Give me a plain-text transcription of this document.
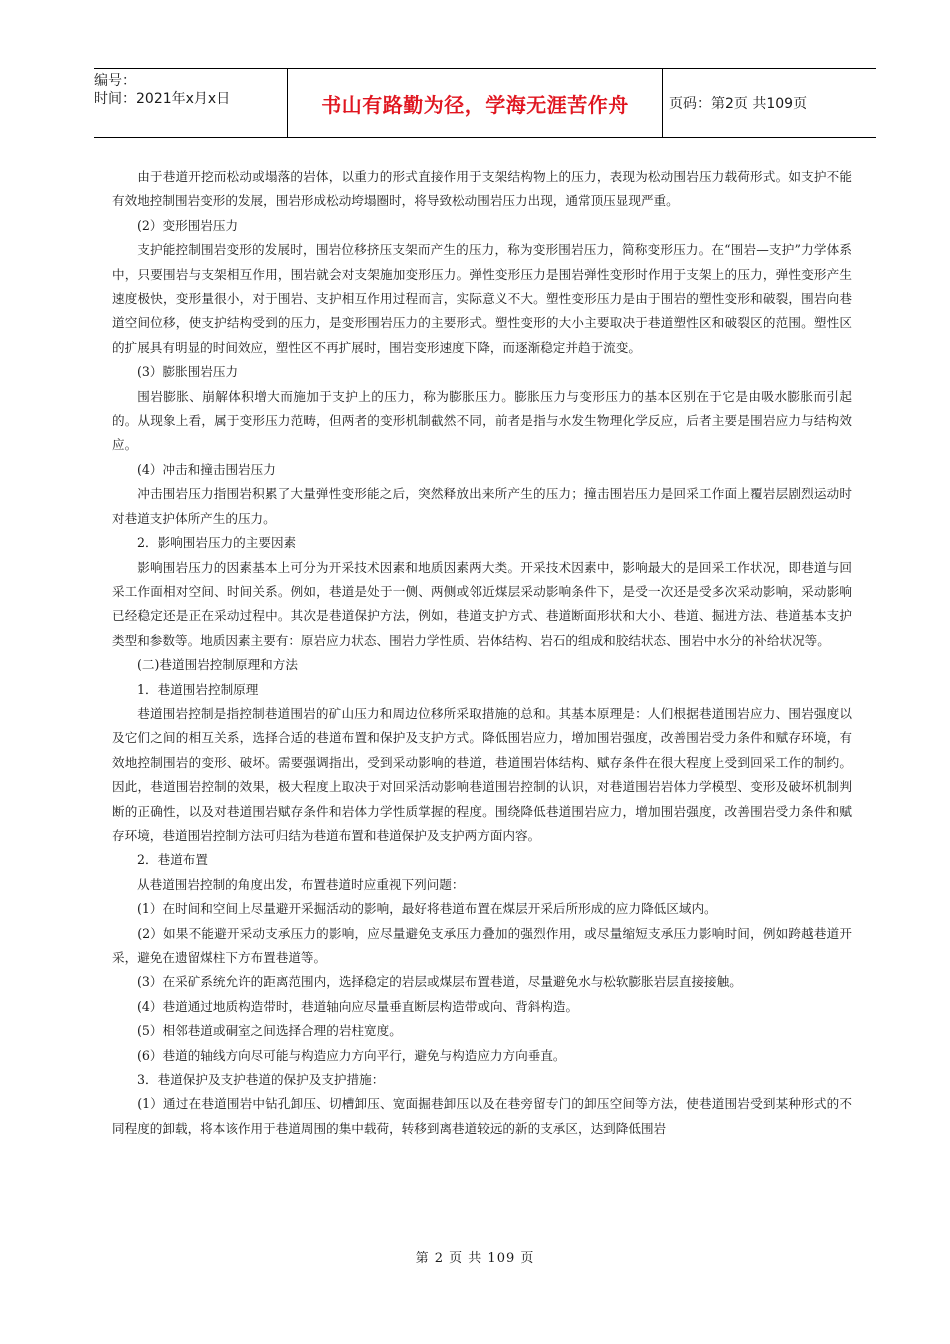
编号：
时间：2021年x月x日	书山有路勤为径，学海无涯苦作舟	页码：第2页 共109页

由于巷道开挖而松动或塌落的岩体，以重力的形式直接作用于支架结构物上的压力，表现为松动围岩压力载荷形式。如支护不能有效地控制围岩变形的发展，围岩形成松动垮塌圈时，将导致松动围岩压力出现，通常顶压显现严重。

(2）变形围岩压力

支护能控制围岩变形的发展时，围岩位移挤压支架而产生的压力，称为变形围岩压力，简称变形压力。在“围岩—支护”力学体系中，只要围岩与支架相互作用，围岩就会对支架施加变形压力。弹性变形压力是围岩弹性变形时作用于支架上的压力，弹性变形产生速度极快，变形量很小，对于围岩、支护相互作用过程而言，实际意义不大。塑性变形压力是由于围岩的塑性变形和破裂，围岩向巷道空间位移，使支护结构受到的压力，是变形围岩压力的主要形式。塑性变形的大小主要取决于巷道塑性区和破裂区的范围。塑性区的扩展具有明显的时间效应，塑性区不再扩展时，围岩变形速度下降，而逐渐稳定并趋于流变。

(3）膨胀围岩压力

围岩膨胀、崩解体积增大而施加于支护上的压力，称为膨胀压力。膨胀压力与变形压力的基本区别在于它是由吸水膨胀而引起的。从现象上看，属于变形压力范畴，但两者的变形机制截然不同，前者是指与水发生物理化学反应，后者主要是围岩应力与结构效应。

(4）冲击和撞击围岩压力

冲击围岩压力指围岩积累了大量弹性变形能之后，突然释放出来所产生的压力；撞击围岩压力是回采工作面上覆岩层剧烈运动时对巷道支护体所产生的压力。

2．影响围岩压力的主要因素

影响围岩压力的因素基本上可分为开采技术因素和地质因素两大类。开采技术因素中，影响最大的是回采工作状况，即巷道与回采工作面相对空间、时间关系。例如，巷道是处于一侧、两侧或邻近煤层采动影响条件下，是受一次还是受多次采动影响，采动影响已经稳定还是正在采动过程中。其次是巷道保护方法，例如，巷道支护方式、巷道断面形状和大小、巷道、掘进方法、巷道基本支护类型和参数等。地质因素主要有：原岩应力状态、围岩力学性质、岩体结构、岩石的组成和胶结状态、围岩中水分的补给状况等。

(二)巷道围岩控制原理和方法

1．巷道围岩控制原理

巷道围岩控制是指控制巷道围岩的矿山压力和周边位移所采取措施的总和。其基本原理是：人们根据巷道围岩应力、围岩强度以及它们之间的相互关系，选择合适的巷道布置和保护及支护方式。降低围岩应力，增加围岩强度，改善围岩受力条件和赋存环境，有效地控制围岩的变形、破坏。需要强调指出，受到采动影响的巷道，巷道围岩体结构、赋存条件在很大程度上受到回采工作的制约。因此，巷道围岩控制的效果，极大程度上取决于对回采活动影响巷道围岩控制的认识，对巷道围岩岩体力学模型、变形及破坏机制判断的正确性，以及对巷道围岩赋存条件和岩体力学性质掌握的程度。围绕降低巷道围岩应力，增加围岩强度，改善围岩受力条件和赋存环境，巷道围岩控制方法可归结为巷道布置和巷道保护及支护两方面内容。

2．巷道布置

从巷道围岩控制的角度出发，布置巷道时应重视下列问题：

(1）在时间和空间上尽量避开采掘活动的影响，最好将巷道布置在煤层开采后所形成的应力降低区域内。

(2）如果不能避开采动支承压力的影响，应尽量避免支承压力叠加的强烈作用，或尽量缩短支承压力影响时间，例如跨越巷道开采，避免在遗留煤柱下方布置巷道等。

(3）在采矿系统允许的距离范围内，选择稳定的岩层或煤层布置巷道，尽量避免水与松软膨胀岩层直接接触。

(4）巷道通过地质构造带时，巷道轴向应尽量垂直断层构造带或向、背斜构造。

(5）相邻巷道或硐室之间选择合理的岩柱宽度。

(6）巷道的轴线方向尽可能与构造应力方向平行，避免与构造应力方向垂直。

3．巷道保护及支护巷道的保护及支护措施：

(1）通过在巷道围岩中钻孔卸压、切槽卸压、宽面掘巷卸压以及在巷旁留专门的卸压空间等方法，使巷道围岩受到某种形式的不同程度的卸载，将本该作用于巷道周围的集中载荷，转移到离巷道较远的新的支承区，达到降低围岩

第 2 页 共 109 页
